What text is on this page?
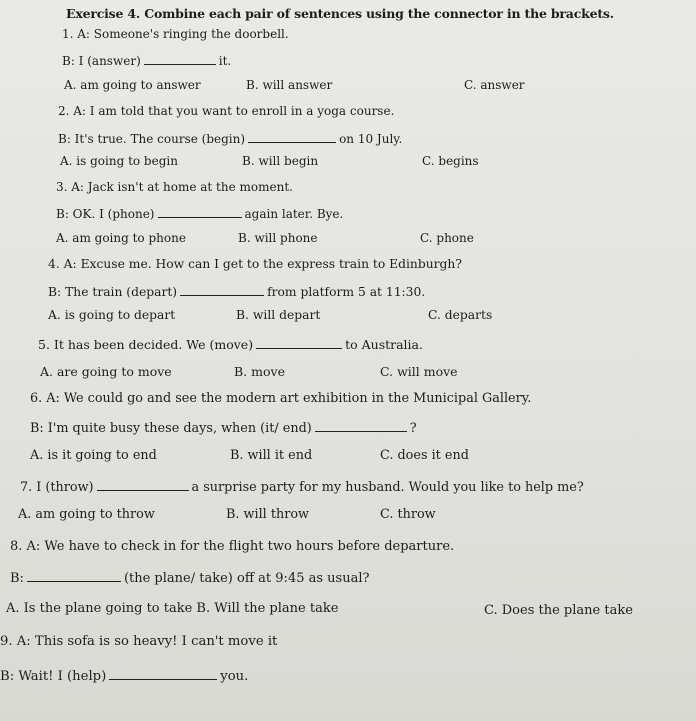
Exercise 4. Combine each pair of sentences using the connector in the brackets.
1. A: Someone's ringing the doorbell.
B: I (answer)	it.
A. am going to answer	B. will answer	C. answer
2. A: I am told that you want to enroll in a yoga course.
B: It's true. The course (begin)	on 10 July.
A. is going to begin	B. will begin	C. begins
3. A: Jack isn't at home at the moment.
B: OK. I (phone)	again later. Bye.
A. am going to phone	B. will phone	C. phone
4. A: Excuse me. How can I get to the express train to Edinburgh?
B: The train (depart)	from platform 5 at 11:30.
A. is going to depart	B. will depart	C. departs
5. It has been decided. We (move)	to Australia.
A. are going to move	B. move	C. will move
6. A: We could go and see the modern art exhibition in the Municipal Gallery.
B: I'm quite busy these days, when (it/ end)	?
A. is it going to end	B. will it end	C. does it end
7. I (throw)	a surprise party for my husband. Would you like to help me?
A. am going to throw	B. will throw	C. throw
8. A: We have to check in for the flight two hours before departure.
B:	(the plane/ take) off at 9:45 as usual?
A. Is the plane going to take B. Will the plane take	C. Does the plane take
9. A: This sofa is so heavy! I can't move it
B: Wait! I (help)	you.
